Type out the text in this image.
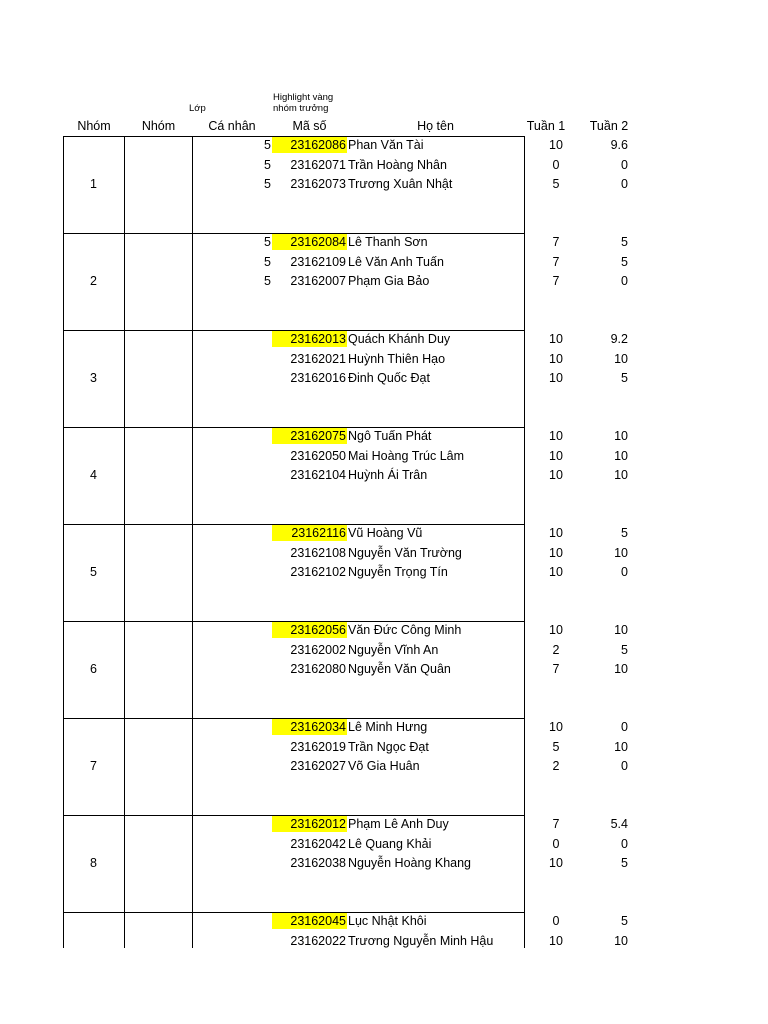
Highlight vàng
nhóm trưởng
Lớp
Nhóm	Nhóm	Cá nhân	Mã số	Họ tên	Tuần 1	Tuần 2
1
5	23162086 Phan Văn Tài	10	9.6
5	23162071 Trần Hoàng Nhân	0	0
5	23162073 Trương Xuân Nhật	5	0
2
5	23162084 Lê Thanh Sơn	7	5
5	23162109 Lê Văn Anh Tuấn	7	5
5	23162007 Phạm Gia Bảo	7	0
3
23162013 Quách Khánh Duy	10	9.2
23162021 Huỳnh Thiên Hạo	10	10
23162016 Đinh Quốc Đạt	10	5
4
23162075 Ngô Tuấn Phát	10	10
23162050 Mai Hoàng Trúc Lâm	10	10
23162104 Huỳnh Ái Trân	10	10
5
23162116 Vũ Hoàng Vũ	10	5
23162108 Nguyễn Văn Trường	10	10
23162102 Nguyễn Trọng Tín	10	0
6
23162056 Văn Đức Công Minh	10	10
23162002 Nguyễn Vĩnh An	2	5
23162080 Nguyễn Văn Quân	7	10
7
23162034 Lê Minh Hưng	10	0
23162019 Trần Ngọc Đạt	5	10
23162027 Võ Gia Huân	2	0
8
23162012 Phạm Lê Anh Duy	7	5.4
23162042 Lê Quang Khải	0	0
23162038 Nguyễn Hoàng Khang	10	5
23162045 Lục Nhật Khôi	0	5
23162022 Trương Nguyễn Minh Hậu	10	10
